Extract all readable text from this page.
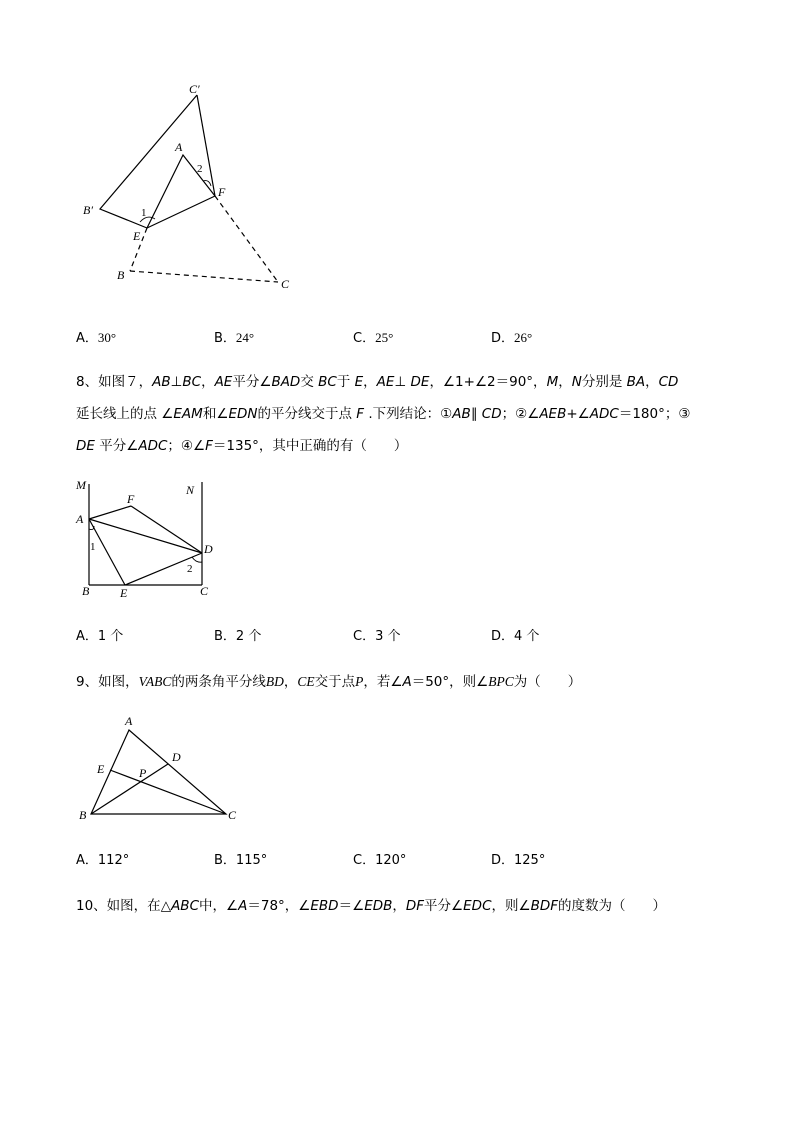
C′
A
2
F
B′	1
E
B
C
A．30°	B．24°	C．25°	D．26°
8、如图７，AB⊥BC，AE平分∠BAD交 BC于 E，AE⊥ DE，∠1+∠2＝90°，M，N分别是 BA，CD
延长线上的点 ∠EAM和∠EDN的平分线交于点 F .下列结论：①AB∥ CD；②∠AEB+∠ADC＝180°；③
DE 平分∠ADC；④∠F＝135°，其中正确的有（　　）
M
F
N
A
D
1
2
B	E	C
A．1 个	B．2 个	C．3 个	D．4 个
9、如图，VABC的两条角平分线BD，CE交于点P，若∠A＝50°，则∠BPC为（　　）
A
D
E	P
B	C
A．112°	B．115°	C．120°	D．125°
10、如图，在△ABC中，∠A＝78°，∠EBD＝∠EDB，DF平分∠EDC，则∠BDF的度数为（　　）
